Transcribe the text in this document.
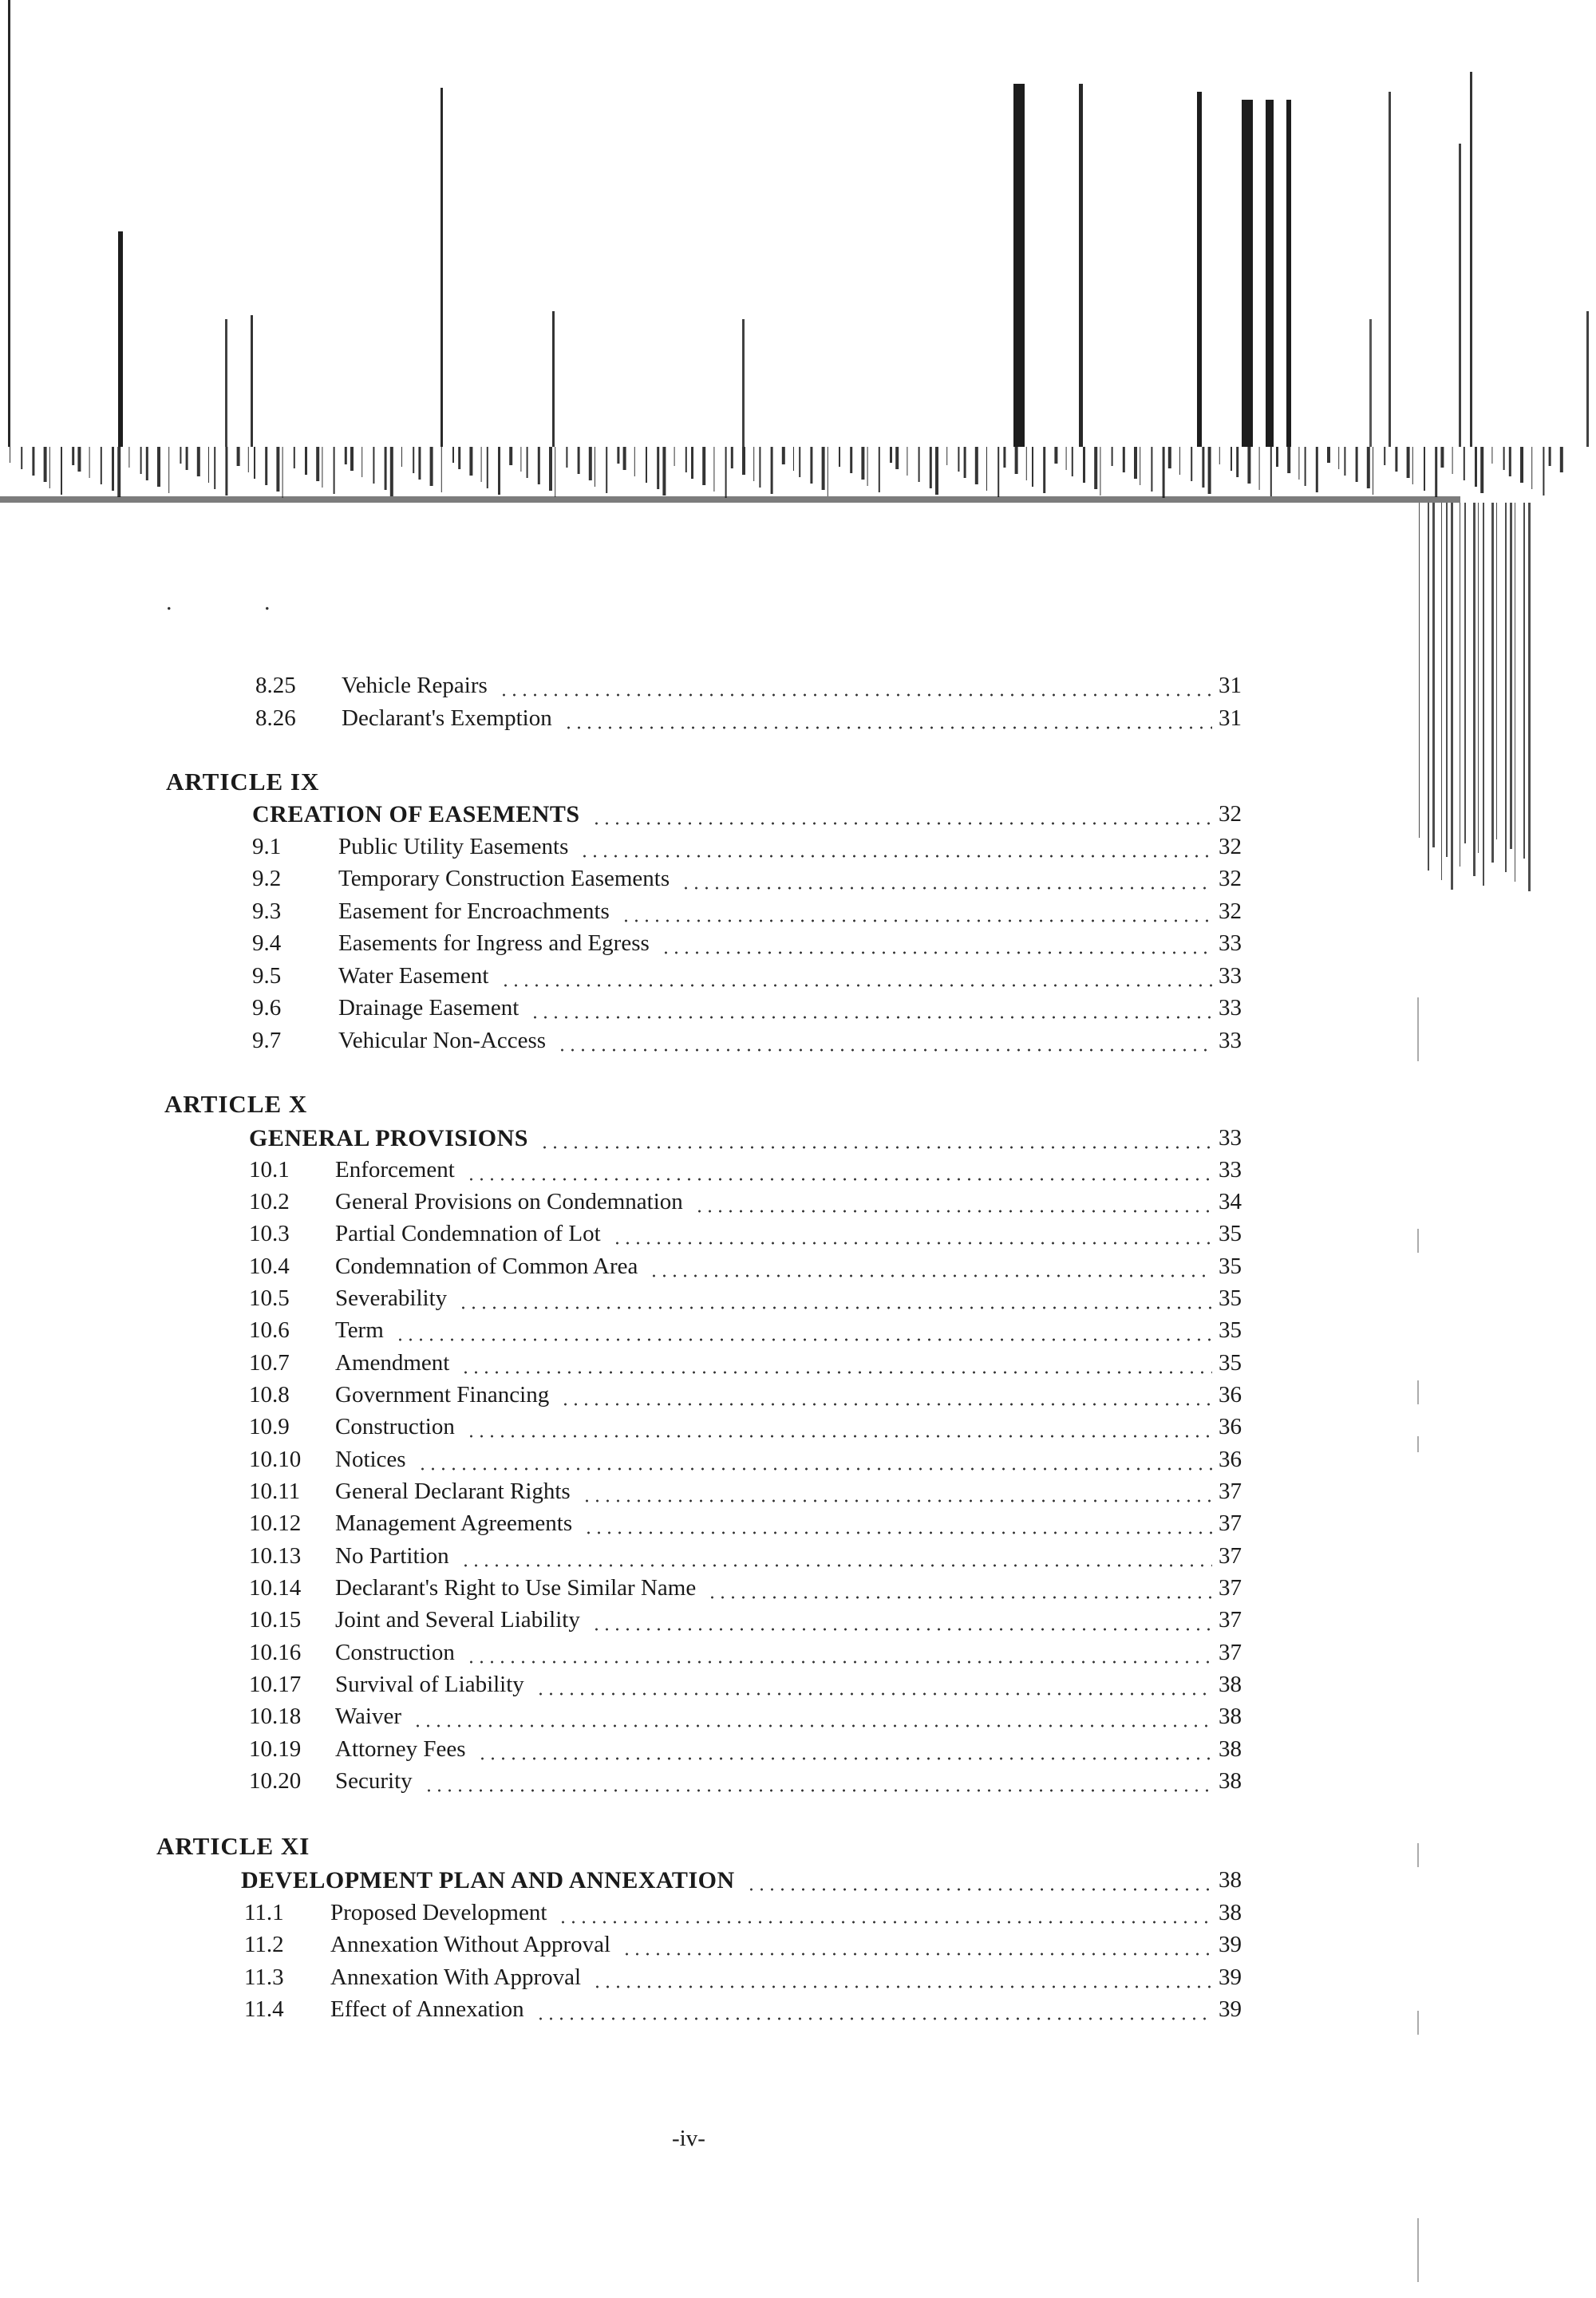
. .
8.25 Vehicle Repairs	31
8.26 Declarant's Exemption	31
ARTICLE IX
CREATION OF EASEMENTS	32
9.1 Public Utility Easements	32
9.2 Temporary Construction Easements	32
9.3 Easement for Encroachments	32
9.4 Easements for Ingress and Egress	33
9.5 Water Easement	33
9.6 Drainage Easement	33
9.7 Vehicular Non-Access	33
ARTICLE X
GENERAL PROVISIONS	33
10.1 Enforcement	33
10.2 General Provisions on Condemnation	34
10.3 Partial Condemnation of Lot	35
10.4 Condemnation of Common Area	35
10.5 Severability	35
10.6 Term	35
10.7 Amendment	35
10.8 Government Financing	36
10.9 Construction	36
10.10 Notices	36
10.11 General Declarant Rights	37
10.12 Management Agreements	37
10.13 No Partition	37
10.14 Declarant's Right to Use Similar Name	37
10.15 Joint and Several Liability	37
10.16 Construction	37
10.17 Survival of Liability	38
10.18 Waiver	38
10.19 Attorney Fees	38
10.20 Security	38
ARTICLE XI
DEVELOPMENT PLAN AND ANNEXATION	38
11.1 Proposed Development	38
11.2 Annexation Without Approval	39
11.3 Annexation With Approval	39
11.4 Effect of Annexation	39
-iv-
